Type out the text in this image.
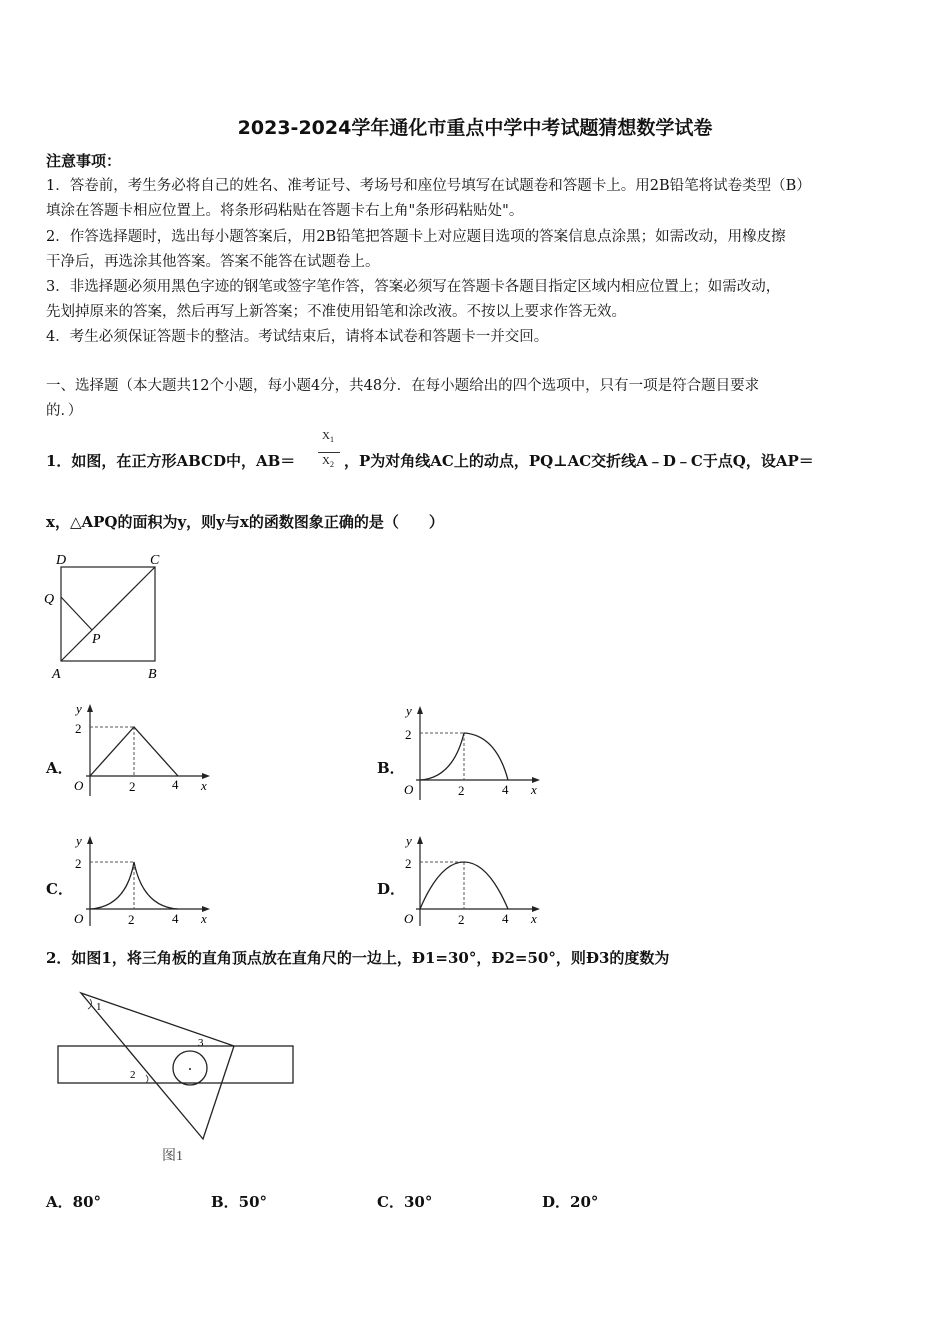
2023-2024学年通化市重点中学中考试题猜想数学试卷
注意事项：
1．答卷前，考生务必将自己的姓名、准考证号、考场号和座位号填写在试题卷和答题卡上。用2B铅笔将试卷类型（B）
填涂在答题卡相应位置上。将条形码粘贴在答题卡右上角"条形码粘贴处"。
2．作答选择题时，选出每小题答案后，用2B铅笔把答题卡上对应题目选项的答案信息点涂黑；如需改动，用橡皮擦
干净后，再选涂其他答案。答案不能答在试题卷上。
3．非选择题必须用黑色字迹的钢笔或签字笔作答，答案必须写在答题卡各题目指定区域内相应位置上；如需改动，
先划掉原来的答案，然后再写上新答案；不准使用铅笔和涂改液。不按以上要求作答无效。
4．考生必须保证答题卡的整洁。考试结束后，请将本试卷和答题卡一并交回。
一、选择题（本大题共12个小题，每小题4分，共48分．在每小题给出的四个选项中，只有一项是符合题目要求
的．）
1．如图，在正方形ABCD中，AB＝
$X_1$
$X_2$ ，P为对角线AC上的动点，PQ⊥AC交折线A﹣D﹣C于点Q，设AP＝
x，△APQ的面积为y，则y与x的函数图象正确的是（　　）
D	C
Q
P
A	B
A．
y
2
O	2	4 x
B．
y
2
O	2	4 x
C．
y
2
O	2	4 x
D．
y
2
O	2	4 x
2．如图1，将三角板的直角顶点放在直角尺的一边上，Ð1=30°，Ð2=50°，则Ð3的度数为
1
2
3
图1
A．80°	B．50°	C．30°	D．20°
